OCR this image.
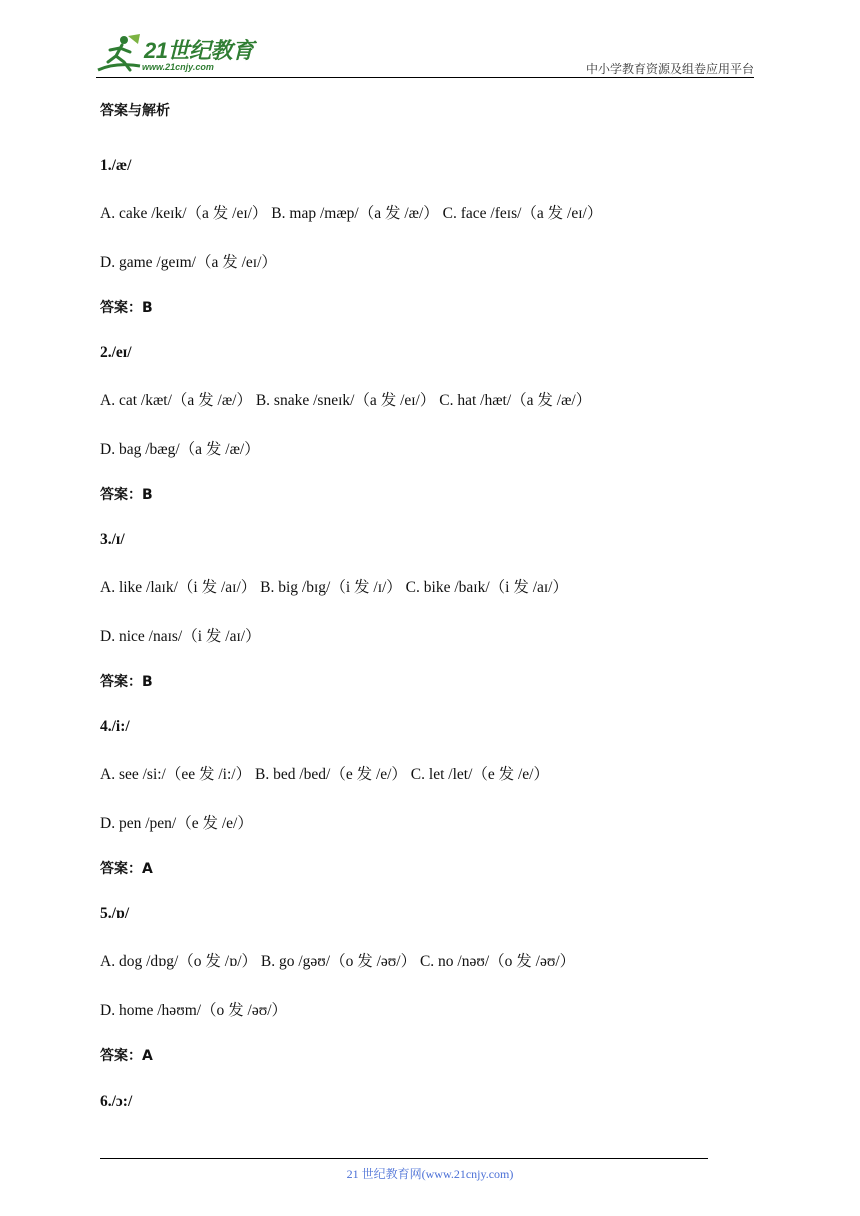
21世纪教育
www.21cnjy.com	中小学教育资源及组卷应用平台
答案与解析
1./æ/
A. cake /keɪk/（a 发 /eɪ/） B. map /mæp/（a 发 /æ/） C. face /feɪs/（a 发 /eɪ/）
D. game /geɪm/（a 发 /eɪ/）
答案：B
2./eɪ/
A. cat /kæt/（a 发 /æ/） B. snake /sneɪk/（a 发 /eɪ/） C. hat /hæt/（a 发 /æ/）
D. bag /bæg/（a 发 /æ/）
答案：B
3./ɪ/
A. like /laɪk/（i 发 /aɪ/） B. big /bɪg/（i 发 /ɪ/） C. bike /baɪk/（i 发 /aɪ/）
D. nice /naɪs/（i 发 /aɪ/）
答案：B
4./i:/
A. see /si:/（ee 发 /i:/） B. bed /bed/（e 发 /e/） C. let /let/（e 发 /e/）
D. pen /pen/（e 发 /e/）
答案：A
5./ɒ/
A. dog /dɒg/（o 发 /ɒ/） B. go /gəʊ/（o 发 /əʊ/） C. no /nəʊ/（o 发 /əʊ/）
D. home /həʊm/（o 发 /əʊ/）
答案：A
6./ɔ:/
21 世纪教育网(www.21cnjy.com)
